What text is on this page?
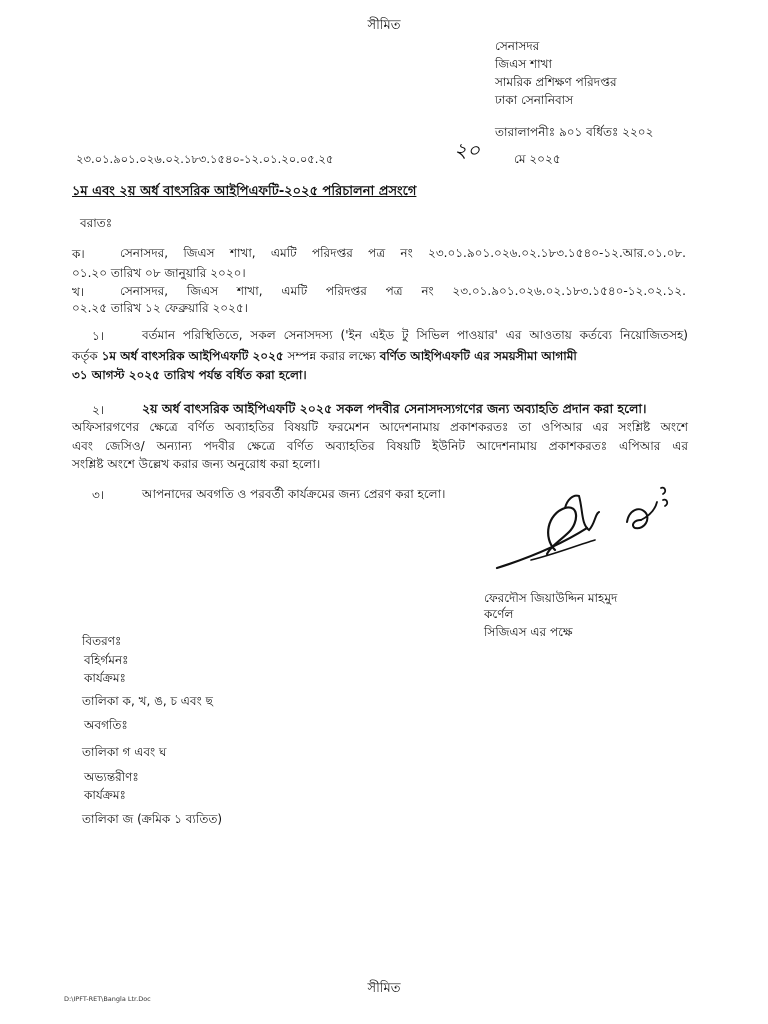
সীমিত
সেনাসদর
জিএস শাখা
সামরিক প্রশিক্ষণ পরিদপ্তর
ঢাকা সেনানিবাস
তারালাপনীঃ ৯০১ বর্ধিতঃ ২২০২
২৩.০১.৯০১.০২৬.০২.১৮৩.১৫৪০-১২.০১.২০.০৫.২৫	২০	মে ২০২৫
১ম এবং ২য় অর্ধ বাৎসরিক আইপিএফটি-২০২৫ পরিচালনা প্রসংগে
বরাতঃ
ক।	সেনাসদর, জিএস শাখা, এমটি পরিদপ্তর পত্র নং ২৩.০১.৯০১.০২৬.০২.১৮৩.১৫৪০-১২.আর.০১.০৮.
০১.২০ তারিখ ০৮ জানুয়ারি ২০২০।
খ।	সেনাসদর, জিএস শাখা, এমটি পরিদপ্তর পত্র নং ২৩.০১.৯০১.০২৬.০২.১৮৩.১৫৪০-১২.০২.১২.
০২.২৫ তারিখ ১২ ফেব্রুয়ারি ২০২৫।
১।	বর্তমান পরিস্থিতিতে, সকল সেনাসদস্য ('ইন এইড টু সিভিল পাওয়ার' এর আওতায় কর্তব্যে নিয়োজিতসহ)
কর্তৃক ১ম অর্ধ বাৎসরিক আইপিএফটি ২০২৫ সম্পন্ন করার লক্ষ্যে বর্ণিত আইপিএফটি এর সময়সীমা আগামী
৩১ আগস্ট ২০২৫ তারিখ পর্যন্ত বর্ধিত করা হলো।
২।	২য় অর্ধ বাৎসরিক আইপিএফটি ২০২৫ সকল পদবীর সেনাসদস্যগণের জন্য অব্যাহতি প্রদান করা হলো।
অফিসারগণের ক্ষেত্রে বর্ণিত অব্যাহতির বিষয়টি ফরমেশন আদেশনামায় প্রকাশকরতঃ তা ওপিআর এর সংশ্লিষ্ট অংশে
এবং জেসিও/ অন্যান্য পদবীর ক্ষেত্রে বর্ণিত অব্যাহতির বিষয়টি ইউনিট আদেশনামায় প্রকাশকরতঃ এপিআর এর
সংশ্লিষ্ট অংশে উল্লেখ করার জন্য অনুরোধ করা হলো।
৩।	আপনাদের অবগতি ও পরবর্তী কার্যক্রমের জন্য প্রেরণ করা হলো।
ফেরদৌস জিয়াউদ্দিন মাহমুদ
কর্ণেল
সিজিএস এর পক্ষে
বিতরণঃ
বহির্গমনঃ
কার্যক্রমঃ
তালিকা ক, খ, ঙ, চ এবং ছ
অবগতিঃ
তালিকা গ এবং ঘ
অভ্যন্তরীণঃ
কার্যক্রমঃ
তালিকা জ (ক্রমিক ১ ব্যতিত)
সীমিত
D:\IPFT-RET\Bangla Ltr.Doc
